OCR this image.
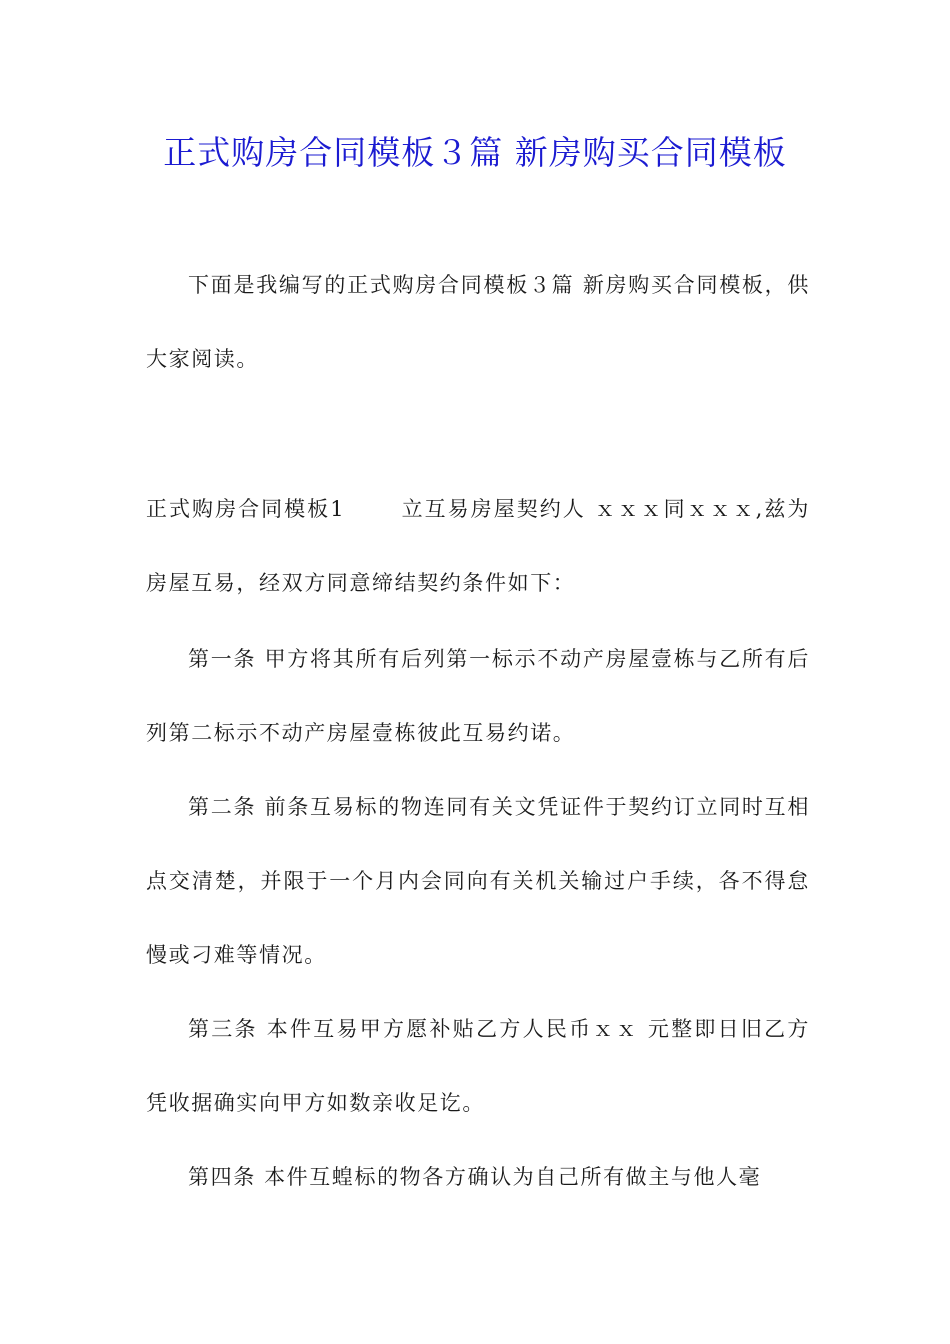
正式购房合同模板３篇 新房购买合同模板

下面是我编写的正式购房合同模板３篇 新房购买合同模板，供大家阅读。

正式购房合同模板1	立互易房屋契约人 ｘｘｘ同ｘｘｘ,兹为房屋互易，经双方同意缔结契约条件如下：

第一条 甲方将其所有后列第一标示不动产房屋壹栋与乙所有后列第二标示不动产房屋壹栋彼此互易约诺。

第二条 前条互易标的物连同有关文凭证件于契约订立同时互相点交清楚，并限于一个月内会同向有关机关输过户手续，各不得怠慢或刁难等情况。

第三条 本件互易甲方愿补贴乙方人民币ｘｘ 元整即日旧乙方凭收据确实向甲方如数亲收足讫。

第四条 本件互蝗标的物各方确认为自己所有做主与他人毫
